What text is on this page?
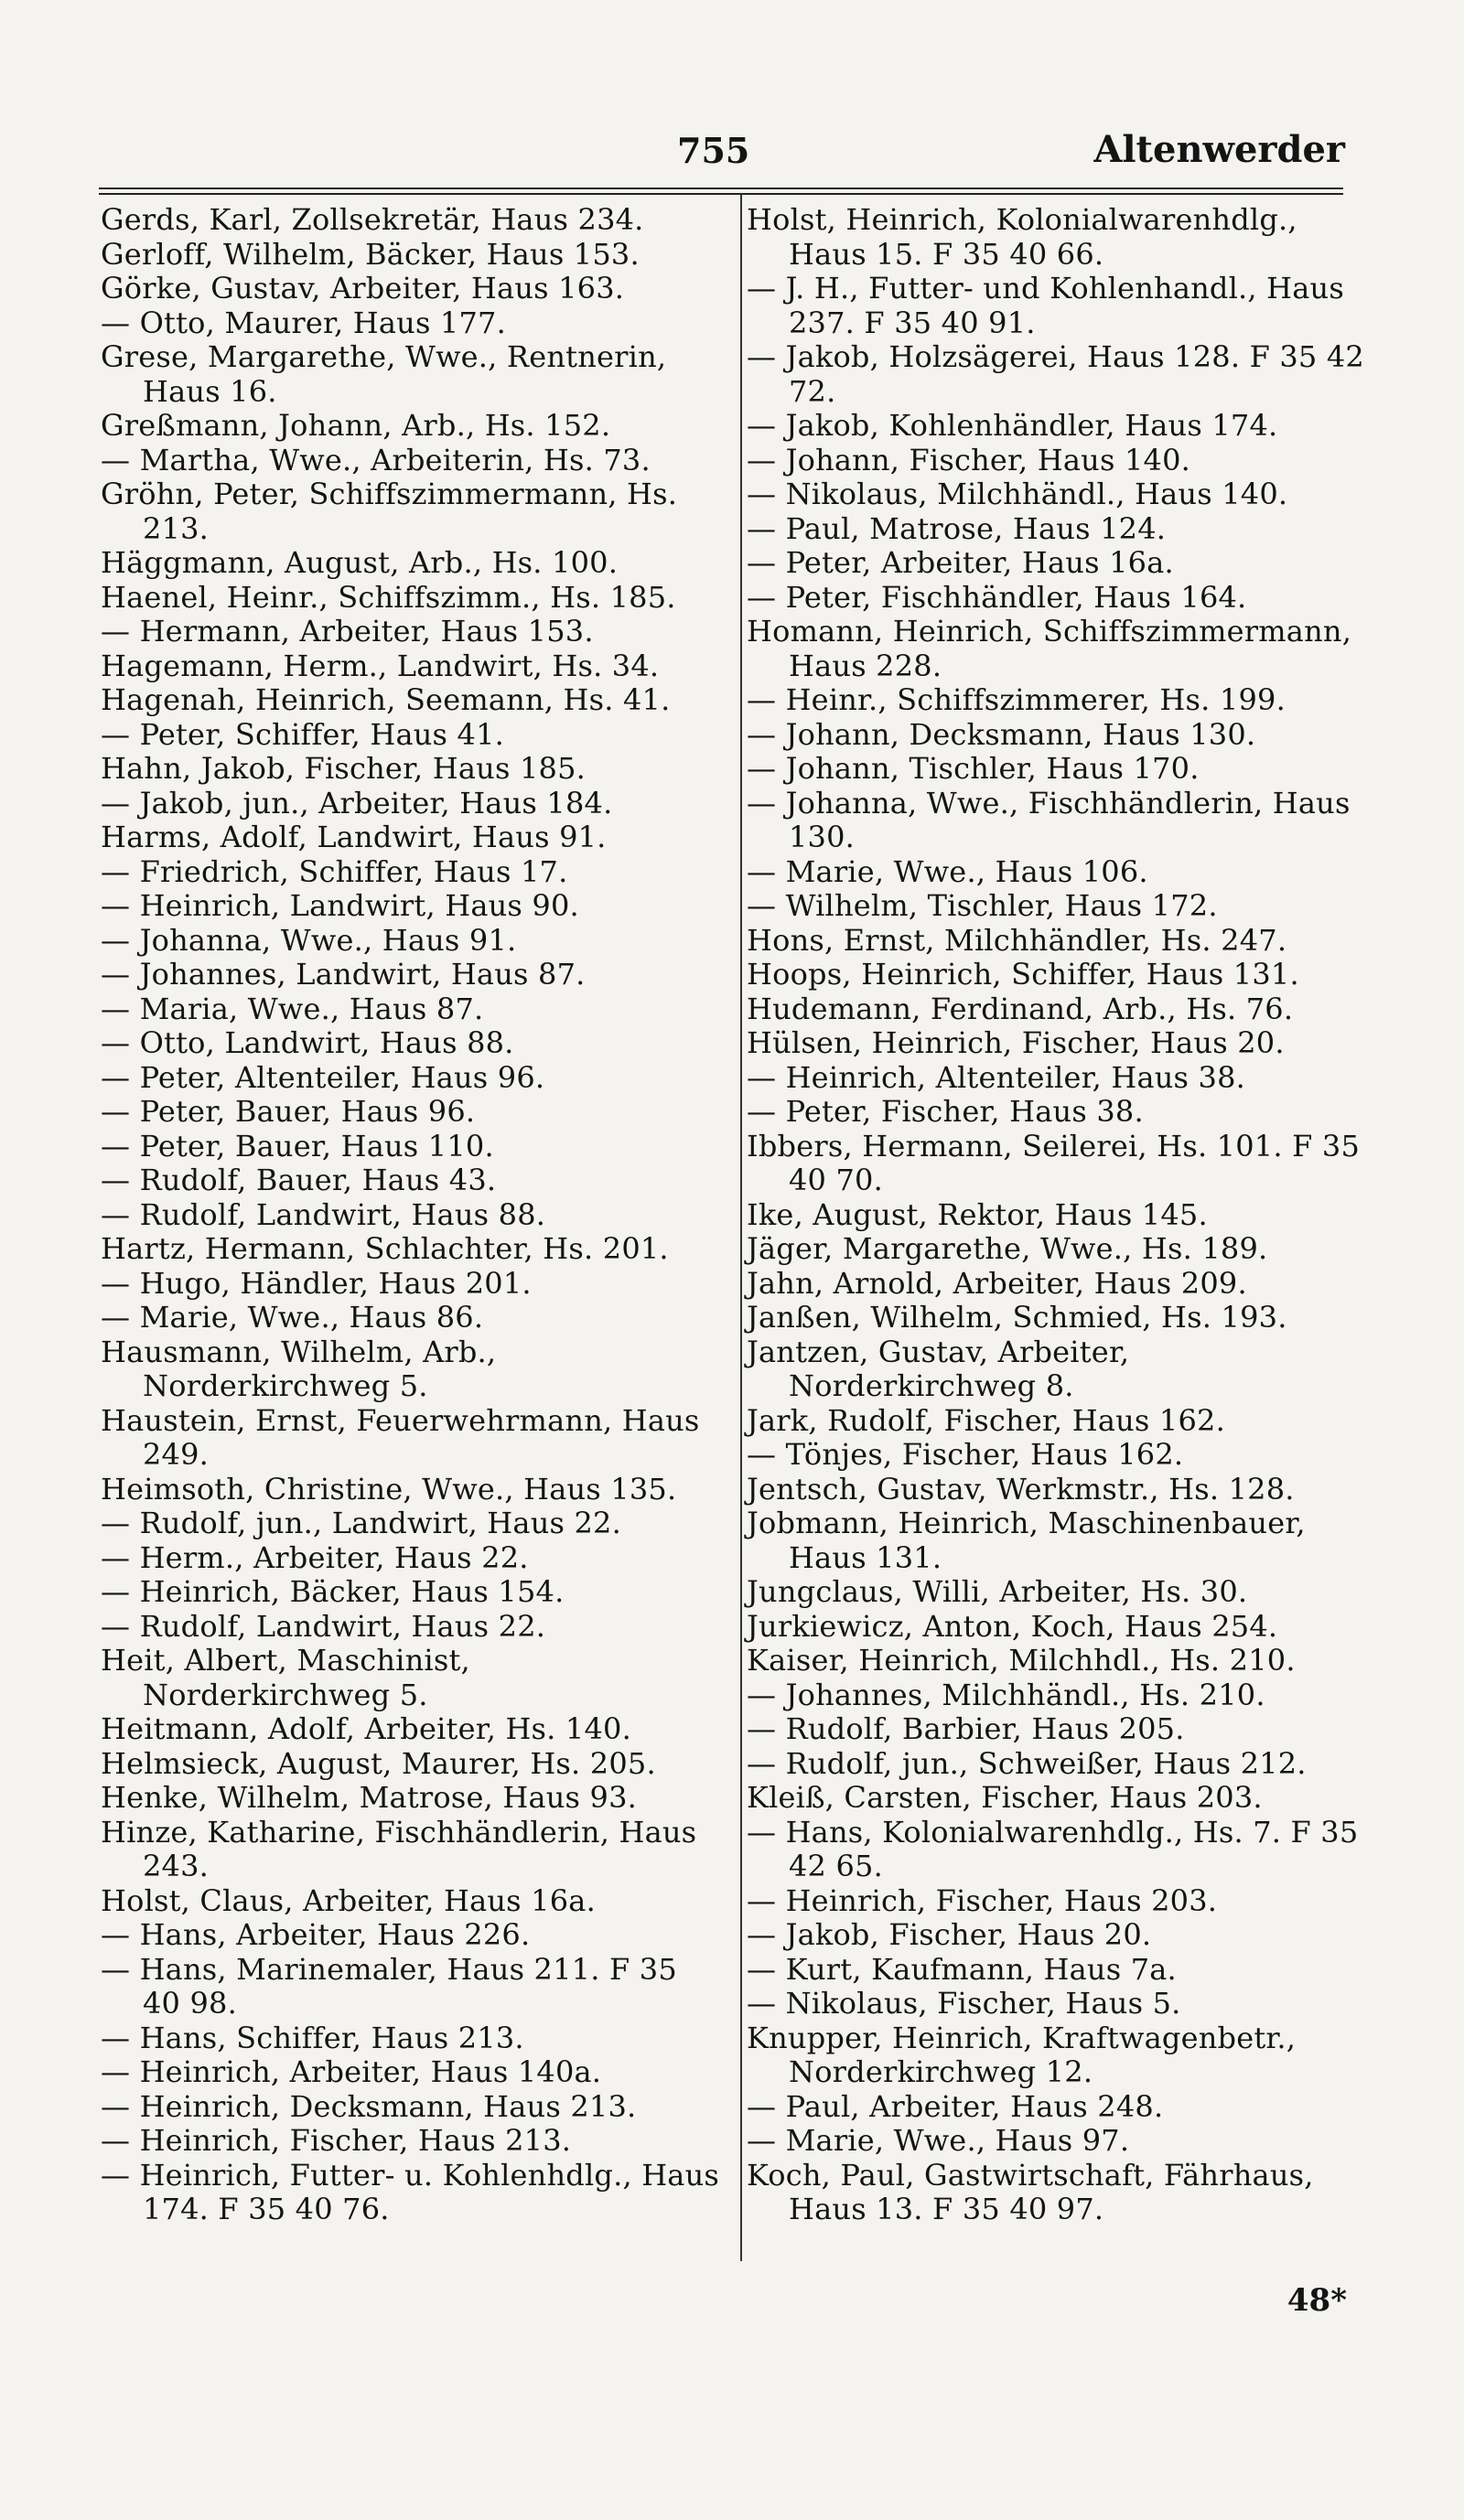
755	Altenwerder

Gerds, Karl, Zollsekretär, Haus 234.

Gerloff, Wilhelm, Bäcker, Haus 153.

Görke, Gustav, Arbeiter, Haus 163.

— Otto, Maurer, Haus 177.

Grese, Margarethe, Wwe., Rentnerin, Haus 16.

Greßmann, Johann, Arb., Hs. 152.

— Martha, Wwe., Arbeiterin, Hs. 73.

Gröhn, Peter, Schiffszimmermann, Hs. 213.

Häggmann, August, Arb., Hs. 100.

Haenel, Heinr., Schiffszimm., Hs. 185.

— Hermann, Arbeiter, Haus 153.

Hagemann, Herm., Landwirt, Hs. 34.

Hagenah, Heinrich, Seemann, Hs. 41.

— Peter, Schiffer, Haus 41.

Hahn, Jakob, Fischer, Haus 185.

— Jakob, jun., Arbeiter, Haus 184.

Harms, Adolf, Landwirt, Haus 91.

— Friedrich, Schiffer, Haus 17.

— Heinrich, Landwirt, Haus 90.

— Johanna, Wwe., Haus 91.

— Johannes, Landwirt, Haus 87.

— Maria, Wwe., Haus 87.

— Otto, Landwirt, Haus 88.

— Peter, Altenteiler, Haus 96.

— Peter, Bauer, Haus 96.

— Peter, Bauer, Haus 110.

— Rudolf, Bauer, Haus 43.

— Rudolf, Landwirt, Haus 88.

Hartz, Hermann, Schlachter, Hs. 201.

— Hugo, Händler, Haus 201.

— Marie, Wwe., Haus 86.

Hausmann, Wilhelm, Arb., Norderkirchweg 5.

Haustein, Ernst, Feuerwehrmann, Haus 249.

Heimsoth, Christine, Wwe., Haus 135.

— Rudolf, jun., Landwirt, Haus 22.

— Herm., Arbeiter, Haus 22.

— Heinrich, Bäcker, Haus 154.

— Rudolf, Landwirt, Haus 22.

Heit, Albert, Maschinist, Norderkirchweg 5.

Heitmann, Adolf, Arbeiter, Hs. 140.

Helmsieck, August, Maurer, Hs. 205.

Henke, Wilhelm, Matrose, Haus 93.

Hinze, Katharine, Fischhändlerin, Haus 243.

Holst, Claus, Arbeiter, Haus 16a.

— Hans, Arbeiter, Haus 226.

— Hans, Marinemaler, Haus 211. F 35 40 98.

— Hans, Schiffer, Haus 213.

— Heinrich, Arbeiter, Haus 140a.

— Heinrich, Decksmann, Haus 213.

— Heinrich, Fischer, Haus 213.

— Heinrich, Futter- u. Kohlenhdlg., Haus 174. F 35 40 76.

Holst, Heinrich, Kolonialwarenhdlg., Haus 15. F 35 40 66.

— J. H., Futter- und Kohlenhandl., Haus 237. F 35 40 91.

— Jakob, Holzsägerei, Haus 128. F 35 42 72.

— Jakob, Kohlenhändler, Haus 174.

— Johann, Fischer, Haus 140.

— Nikolaus, Milchhändl., Haus 140.

— Paul, Matrose, Haus 124.

— Peter, Arbeiter, Haus 16a.

— Peter, Fischhändler, Haus 164.

Homann, Heinrich, Schiffszimmermann, Haus 228.

— Heinr., Schiffszimmerer, Hs. 199.

— Johann, Decksmann, Haus 130.

— Johann, Tischler, Haus 170.

— Johanna, Wwe., Fischhändlerin, Haus 130.

— Marie, Wwe., Haus 106.

— Wilhelm, Tischler, Haus 172.

Hons, Ernst, Milchhändler, Hs. 247.

Hoops, Heinrich, Schiffer, Haus 131.

Hudemann, Ferdinand, Arb., Hs. 76.

Hülsen, Heinrich, Fischer, Haus 20.

— Heinrich, Altenteiler, Haus 38.

— Peter, Fischer, Haus 38.

Ibbers, Hermann, Seilerei, Hs. 101. F 35 40 70.

Ike, August, Rektor, Haus 145.

Jäger, Margarethe, Wwe., Hs. 189.

Jahn, Arnold, Arbeiter, Haus 209.

Janßen, Wilhelm, Schmied, Hs. 193.

Jantzen, Gustav, Arbeiter, Norderkirchweg 8.

Jark, Rudolf, Fischer, Haus 162.

— Tönjes, Fischer, Haus 162.

Jentsch, Gustav, Werkmstr., Hs. 128.

Jobmann, Heinrich, Maschinenbauer, Haus 131.

Jungclaus, Willi, Arbeiter, Hs. 30.

Jurkiewicz, Anton, Koch, Haus 254.

Kaiser, Heinrich, Milchhdl., Hs. 210.

— Johannes, Milchhändl., Hs. 210.

— Rudolf, Barbier, Haus 205.

— Rudolf, jun., Schweißer, Haus 212.

Kleiß, Carsten, Fischer, Haus 203.

— Hans, Kolonialwarenhdlg., Hs. 7. F 35 42 65.

— Heinrich, Fischer, Haus 203.

— Jakob, Fischer, Haus 20.

— Kurt, Kaufmann, Haus 7a.

— Nikolaus, Fischer, Haus 5.

Knupper, Heinrich, Kraftwagenbetr., Norderkirchweg 12.

— Paul, Arbeiter, Haus 248.

— Marie, Wwe., Haus 97.

Koch, Paul, Gastwirtschaft, Fährhaus, Haus 13. F 35 40 97.

48*
